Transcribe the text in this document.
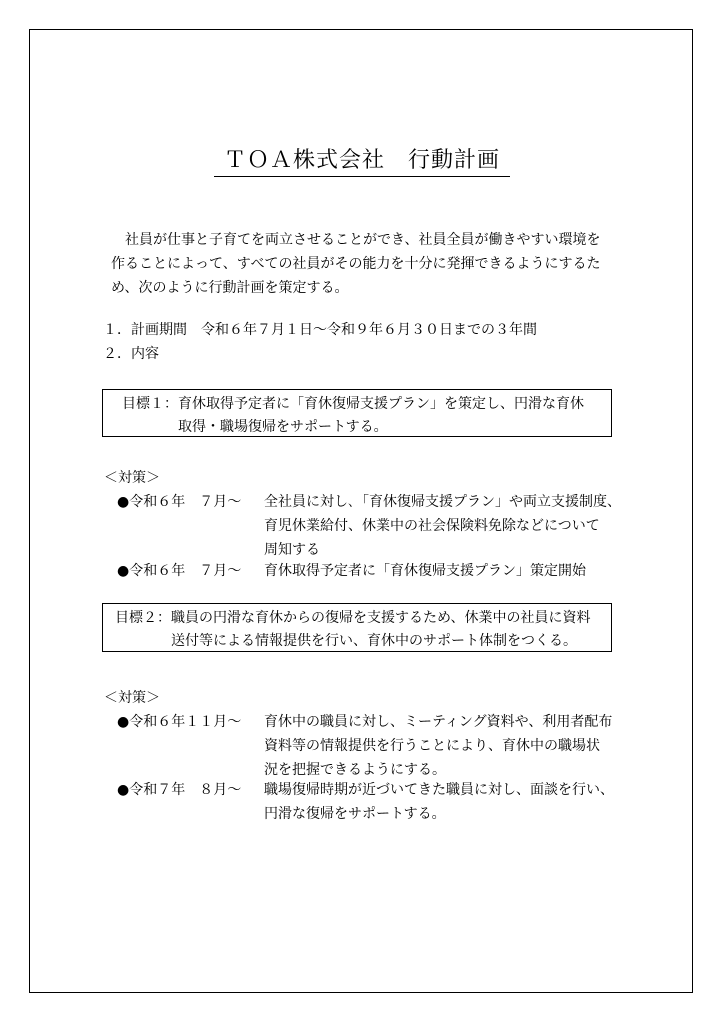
ＴＯＡ株式会社　行動計画

　社員が仕事と子育てを両立させることができ、社員全員が働きやすい環境を

作ることによって、すべての社員がその能力を十分に発揮できるようにするた

め、次のように行動計画を策定する。

１．計画期間　令和６年７月１日～令和９年６月３０日までの３年間
２．内容
目標１：育休取得予定者に「育休復帰支援プラン」を策定し、円滑な育休
　　　　取得・職場復帰をサポートする。
＜対策＞
●令和６年　７月～ 全社員に対し､「育休復帰支援プラン」や両立支援制度、
育児休業給付、休業中の社会保険料免除などについて
周知する
●令和６年　７月～ 育休取得予定者に「育休復帰支援プラン」策定開始
目標２：職員の円滑な育休からの復帰を支援するため、休業中の社員に資料
　　　　送付等による情報提供を行い、育休中のサポート体制をつくる。
＜対策＞
●令和６年１１月～ 育休中の職員に対し、ミーティング資料や、利用者配布
資料等の情報提供を行うことにより、育休中の職場状
況を把握できるようにする。
●令和７年　８月～ 職場復帰時期が近づいてきた職員に対し、面談を行い、
円滑な復帰をサポートする。
